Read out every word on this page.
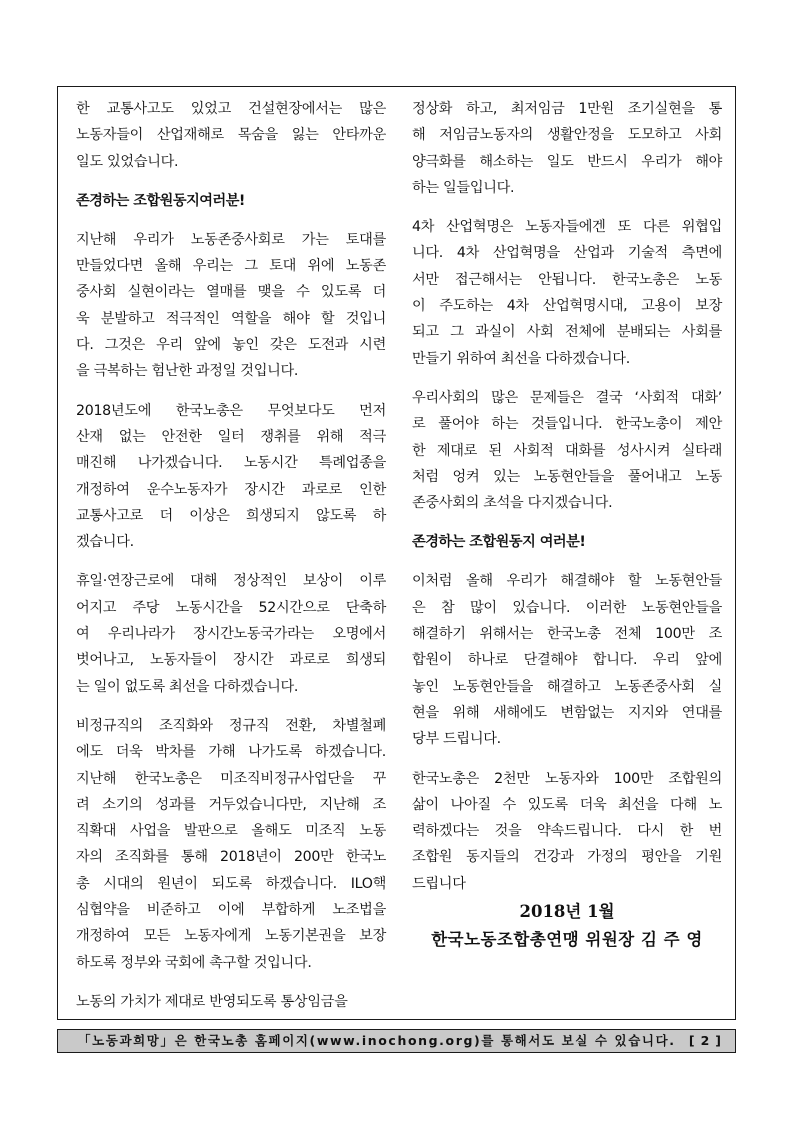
한 교통사고도 있었고 건설현장에서는 많은
노동자들이 산업재해로 목숨을 잃는 안타까운
일도 있었습니다.
존경하는 조합원동지여러분!
지난해 우리가 노동존중사회로 가는 토대를
만들었다면 올해 우리는 그 토대 위에 노동존
중사회 실현이라는 열매를 맺을 수 있도록 더
욱 분발하고 적극적인 역할을 해야 할 것입니
다. 그것은 우리 앞에 놓인 갖은 도전과 시련
을 극복하는 험난한 과정일 것입니다.
2018년도에 한국노총은 무엇보다도 먼저
산재 없는 안전한 일터 쟁취를 위해 적극
매진해 나가겠습니다. 노동시간 특례업종을
개정하여 운수노동자가 장시간 과로로 인한
교통사고로 더 이상은 희생되지 않도록 하
겠습니다.
휴일·연장근로에 대해 정상적인 보상이 이루
어지고 주당 노동시간을 52시간으로 단축하
여 우리나라가 장시간노동국가라는 오명에서
벗어나고, 노동자들이 장시간 과로로 희생되
는 일이 없도록 최선을 다하겠습니다.
비정규직의 조직화와 정규직 전환, 차별철폐
에도 더욱 박차를 가해 나가도록 하겠습니다.
지난해 한국노총은 미조직비정규사업단을 꾸
려 소기의 성과를 거두었습니다만, 지난해 조
직확대 사업을 발판으로 올해도 미조직 노동
자의 조직화를 통해 2018년이 200만 한국노
총 시대의 원년이 되도록 하겠습니다. ILO핵
심협약을 비준하고 이에 부합하게 노조법을
개정하여 모든 노동자에게 노동기본권을 보장
하도록 정부와 국회에 촉구할 것입니다.
노동의 가치가 제대로 반영되도록 통상임금을
정상화 하고, 최저임금 1만원 조기실현을 통
해 저임금노동자의 생활안정을 도모하고 사회
양극화를 해소하는 일도 반드시 우리가 해야
하는 일들입니다.
4차 산업혁명은 노동자들에겐 또 다른 위협입
니다. 4차 산업혁명을 산업과 기술적 측면에
서만 접근해서는 안됩니다. 한국노총은 노동
이 주도하는 4차 산업혁명시대, 고용이 보장
되고 그 과실이 사회 전체에 분배되는 사회를
만들기 위하여 최선을 다하겠습니다.
우리사회의 많은 문제들은 결국 ‘사회적 대화’
로 풀어야 하는 것들입니다. 한국노총이 제안
한 제대로 된 사회적 대화를 성사시켜 실타래
처럼 엉켜 있는 노동현안들을 풀어내고 노동
존중사회의 초석을 다지겠습니다.
존경하는 조합원동지 여러분!
이처럼 올해 우리가 해결해야 할 노동현안들
은 참 많이 있습니다. 이러한 노동현안들을
해결하기 위해서는 한국노총 전체 100만 조
합원이 하나로 단결해야 합니다. 우리 앞에
놓인 노동현안들을 해결하고 노동존중사회 실
현을 위해 새해에도 변함없는 지지와 연대를
당부 드립니다.
한국노총은 2천만 노동자와 100만 조합원의
삶이 나아질 수 있도록 더욱 최선을 다해 노
력하겠다는 것을 약속드립니다. 다시 한 번
조합원 동지들의 건강과 가정의 평안을 기원
드립니다
2018년 1월
한국노동조합총연맹 위원장 김 주 영
「노동과희망」은 한국노총 홈페이지(www.inochong.org)를 통해서도 보실 수 있습니다. [2]
